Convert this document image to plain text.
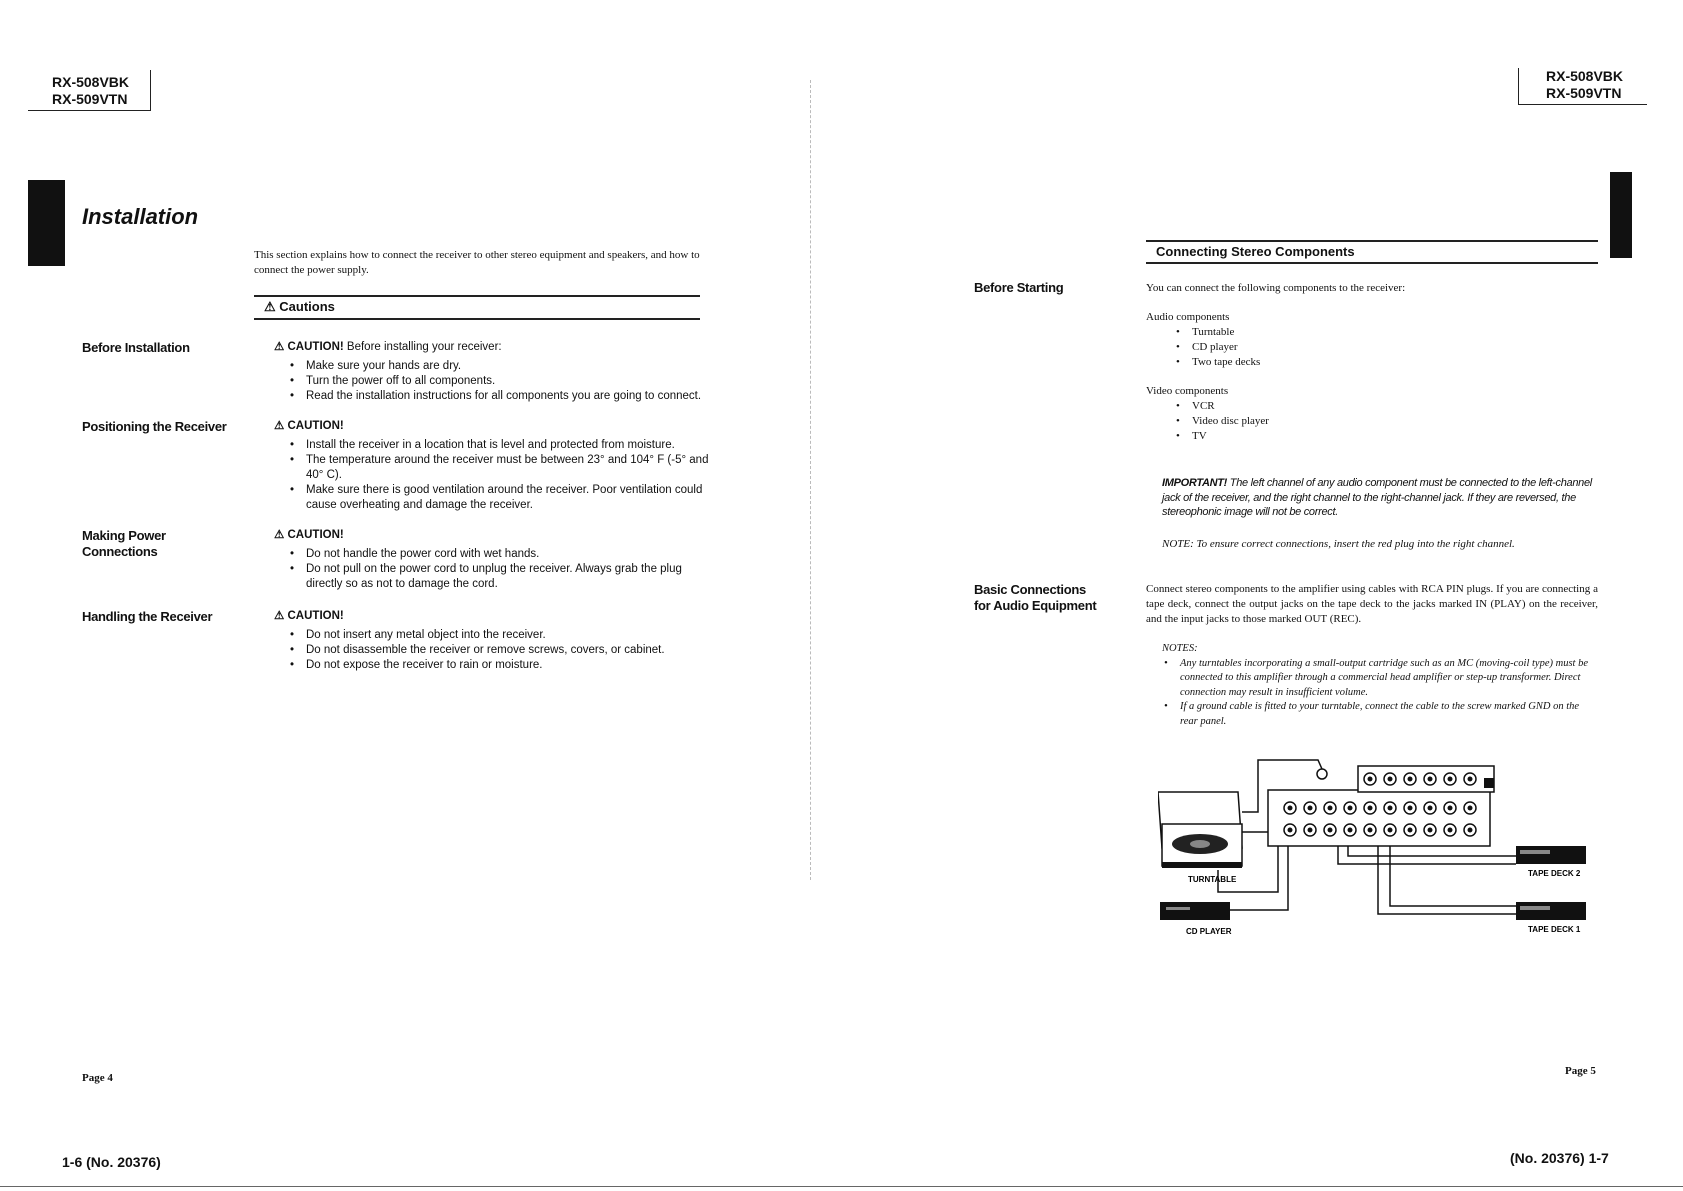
RX-508VBK
RX-509VTN
RX-508VBK
RX-509VTN
Installation
This section explains how to connect the receiver to other stereo equipment and speakers, and how to connect the power supply.
⚠ Cautions
Before Installation	⚠ CAUTION! Before installing your receiver:
• Make sure your hands are dry.
• Turn the power off to all components.
• Read the installation instructions for all components you are going to connect.
Positioning the Receiver	⚠ CAUTION!
• Install the receiver in a location that is level and protected from moisture.
• The temperature around the receiver must be between 23° and 104° F (-5° and 40° C).
• Make sure there is good ventilation around the receiver. Poor ventilation could cause overheating and damage the receiver.
Making Power
Connections
⚠ CAUTION!
• Do not handle the power cord with wet hands.
• Do not pull on the power cord to unplug the receiver. Always grab the plug directly so as not to damage the cord.
Handling the Receiver	⚠ CAUTION!
• Do not insert any metal object into the receiver.
• Do not disassemble the receiver or remove screws, covers, or cabinet.
• Do not expose the receiver to rain or moisture.
Page 4
1-6 (No. 20376)
Connecting Stereo Components
Before Starting	You can connect the following components to the receiver:
Audio components
• Turntable
• CD player
• Two tape decks
Video components
• VCR
• Video disc player
• TV
IMPORTANT! The left channel of any audio component must be connected to the left-channel jack of the receiver, and the right channel to the right-channel jack. If they are reversed, the stereophonic image will not be correct.
NOTE: To ensure correct connections, insert the red plug into the right channel.
Basic Connections
for Audio Equipment
Connect stereo components to the amplifier using cables with RCA PIN plugs. If you are connecting a tape deck, connect the output jacks on the tape deck to the jacks marked IN (PLAY) on the receiver, and the input jacks to those marked OUT (REC).
NOTES:
• Any turntables incorporating a small-output cartridge such as an MC (moving-coil type) must be connected to this amplifier through a commercial head amplifier or step-up transformer. Direct connection may result in insufficient volume.
• If a ground cable is fitted to your turntable, connect the cable to the screw marked GND on the rear panel.
TURNTABLE
CD PLAYER
TAPE DECK 2
TAPE DECK 1
Page 5
(No. 20376) 1-7
